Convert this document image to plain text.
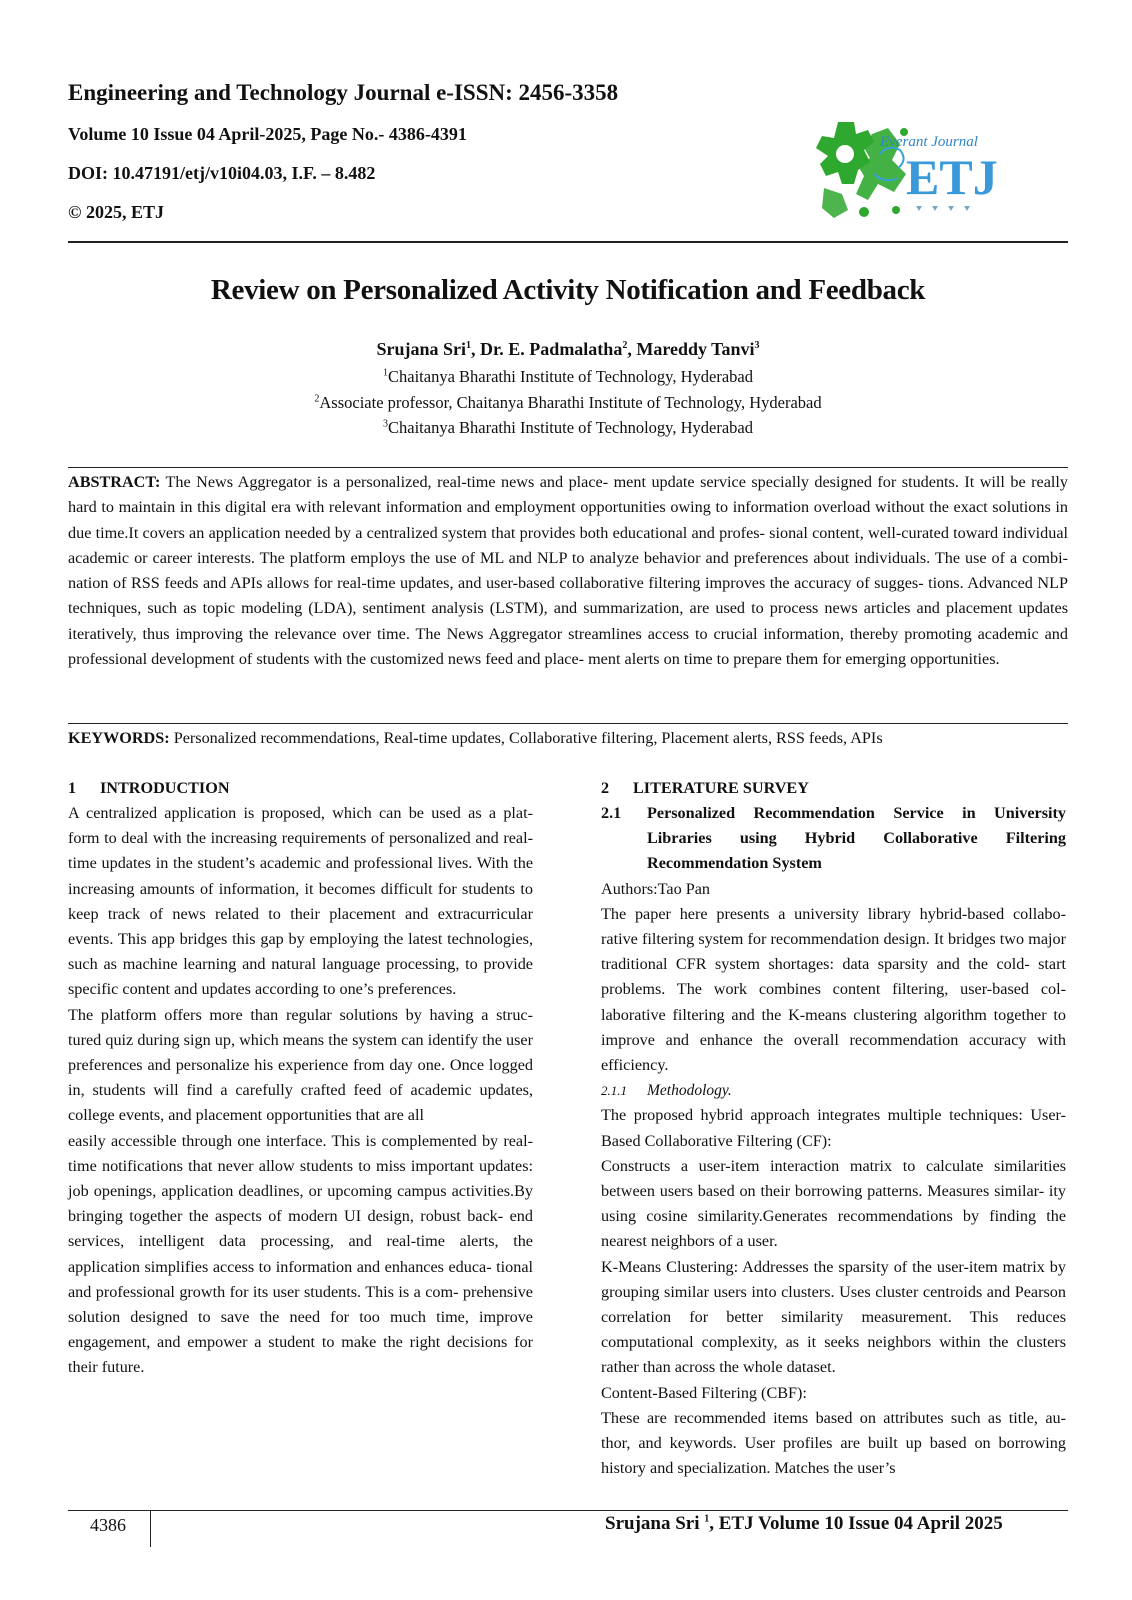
Engineering and Technology Journal e-ISSN: 2456-3358
Volume 10 Issue 04 April-2025, Page No.- 4386-4391
DOI: 10.47191/etj/v10i04.03, I.F. – 8.482
© 2025, ETJ
Everant Journal
ETJ
Review on Personalized Activity Notification and Feedback
Srujana Sri$^1$, Dr. E. Padmalatha$^2$, Mareddy Tanvi$^3$
$^1$Chaitanya Bharathi Institute of Technology, Hyderabad
$^2$Associate professor, Chaitanya Bharathi Institute of Technology, Hyderabad
$^3$Chaitanya Bharathi Institute of Technology, Hyderabad

ABSTRACT: The News Aggregator is a personalized, real-time news and place- ment update service specially designed for students. It will be really hard to maintain in this digital era with relevant information and employment opportunities owing to information overload without the exact solutions in due time.It covers an application needed by a centralized system that provides both educational and profes- sional content, well-curated toward individual academic or career interests. The platform employs the use of ML and NLP to analyze behavior and preferences about individuals. The use of a combi- nation of RSS feeds and APIs allows for real-time updates, and user-based collaborative filtering improves the accuracy of sugges- tions. Advanced NLP techniques, such as topic modeling (LDA), sentiment analysis (LSTM), and summarization, are used to process news articles and placement updates iteratively, thus improving the relevance over time. The News Aggregator streamlines access to crucial information, thereby promoting academic and professional development of students with the customized news feed and place- ment alerts on time to prepare them for emerging opportunities.

KEYWORDS: Personalized recommendations, Real-time updates, Collaborative filtering, Placement alerts, RSS feeds, APIs

1 INTRODUCTION

A centralized application is proposed, which can be used as a plat- form to deal with the increasing requirements of personalized and real-time updates in the student’s academic and professional lives. With the increasing amounts of information, it becomes difficult for students to keep track of news related to their placement and extracurricular events. This app bridges this gap by employing the latest technologies, such as machine learning and natural language processing, to provide specific content and updates according to one’s preferences.

The platform offers more than regular solutions by having a struc- tured quiz during sign up, which means the system can identify the user preferences and personalize his experience from day one. Once logged in, students will find a carefully crafted feed of academic updates, college events, and placement opportunities that are all

easily accessible through one interface. This is complemented by real-time notifications that never allow students to miss important updates: job openings, application deadlines, or upcoming campus activities.By bringing together the aspects of modern UI design, robust back- end services, intelligent data processing, and real-time alerts, the application simplifies access to information and enhances educa- tional and professional growth for its user students. This is a com- prehensive solution designed to save the need for too much time, improve engagement, and empower a student to make the right decisions for their future.

2 LITERATURE SURVEY
2.1	Personalized Recommendation Service in University Libraries using Hybrid Collaborative Filtering Recommendation System

Authors:Tao Pan

The paper here presents a university library hybrid-based collabo- rative filtering system for recommendation design. It bridges two major traditional CFR system shortages: data sparsity and the cold- start problems. The work combines content filtering, user-based col- laborative filtering and the K-means clustering algorithm together to improve and enhance the overall recommendation accuracy with efficiency.

2.1.1 Methodology.

The proposed hybrid approach integrates multiple techniques: User-Based Collaborative Filtering (CF):

Constructs a user-item interaction matrix to calculate similarities between users based on their borrowing patterns. Measures similar- ity using cosine similarity.Generates recommendations by finding the nearest neighbors of a user.

K-Means Clustering: Addresses the sparsity of the user-item matrix by grouping similar users into clusters. Uses cluster centroids and Pearson correlation for better similarity measurement. This reduces computational complexity, as it seeks neighbors within the clusters rather than across the whole dataset.

Content-Based Filtering (CBF):

These are recommended items based on attributes such as title, au- thor, and keywords. User profiles are built up based on borrowing history and specialization. Matches the user’s

4386	Srujana Sri $^1$, ETJ Volume 10 Issue 04 April 2025
